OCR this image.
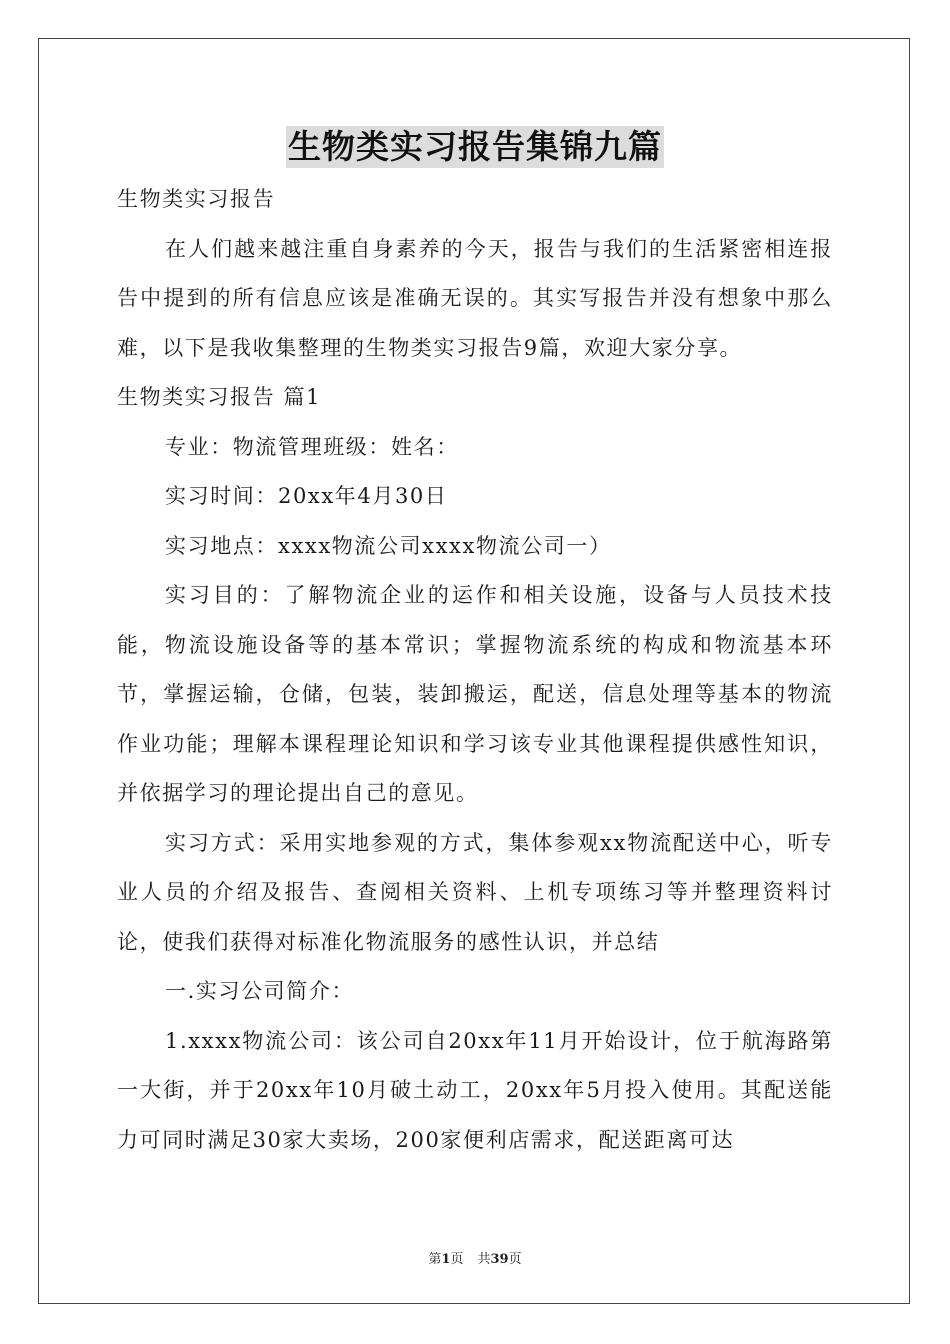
生物类实习报告集锦九篇

生物类实习报告

在人们越来越注重自身素养的今天，报告与我们的生活紧密相连报告中提到的所有信息应该是准确无误的。其实写报告并没有想象中那么难，以下是我收集整理的生物类实习报告9篇，欢迎大家分享。

生物类实习报告 篇1

专业：物流管理班级：姓名：

实习时间：20xx年4月30日

实习地点：xxxx物流公司xxxx物流公司一）

实习目的：了解物流企业的运作和相关设施，设备与人员技术技能，物流设施设备等的基本常识；掌握物流系统的构成和物流基本环节，掌握运输，仓储，包装，装卸搬运，配送，信息处理等基本的物流作业功能；理解本课程理论知识和学习该专业其他课程提供感性知识，并依据学习的理论提出自己的意见。

实习方式：采用实地参观的方式，集体参观xx物流配送中心，听专业人员的介绍及报告、查阅相关资料、上机专项练习等并整理资料讨论，使我们获得对标准化物流服务的感性认识，并总结

一.实习公司简介：

1.xxxx物流公司：该公司自20xx年11月开始设计，位于航海路第一大街，并于20xx年10月破土动工，20xx年5月投入使用。其配送能力可同时满足30家大卖场，200家便利店需求，配送距离可达

第1页 共39页
